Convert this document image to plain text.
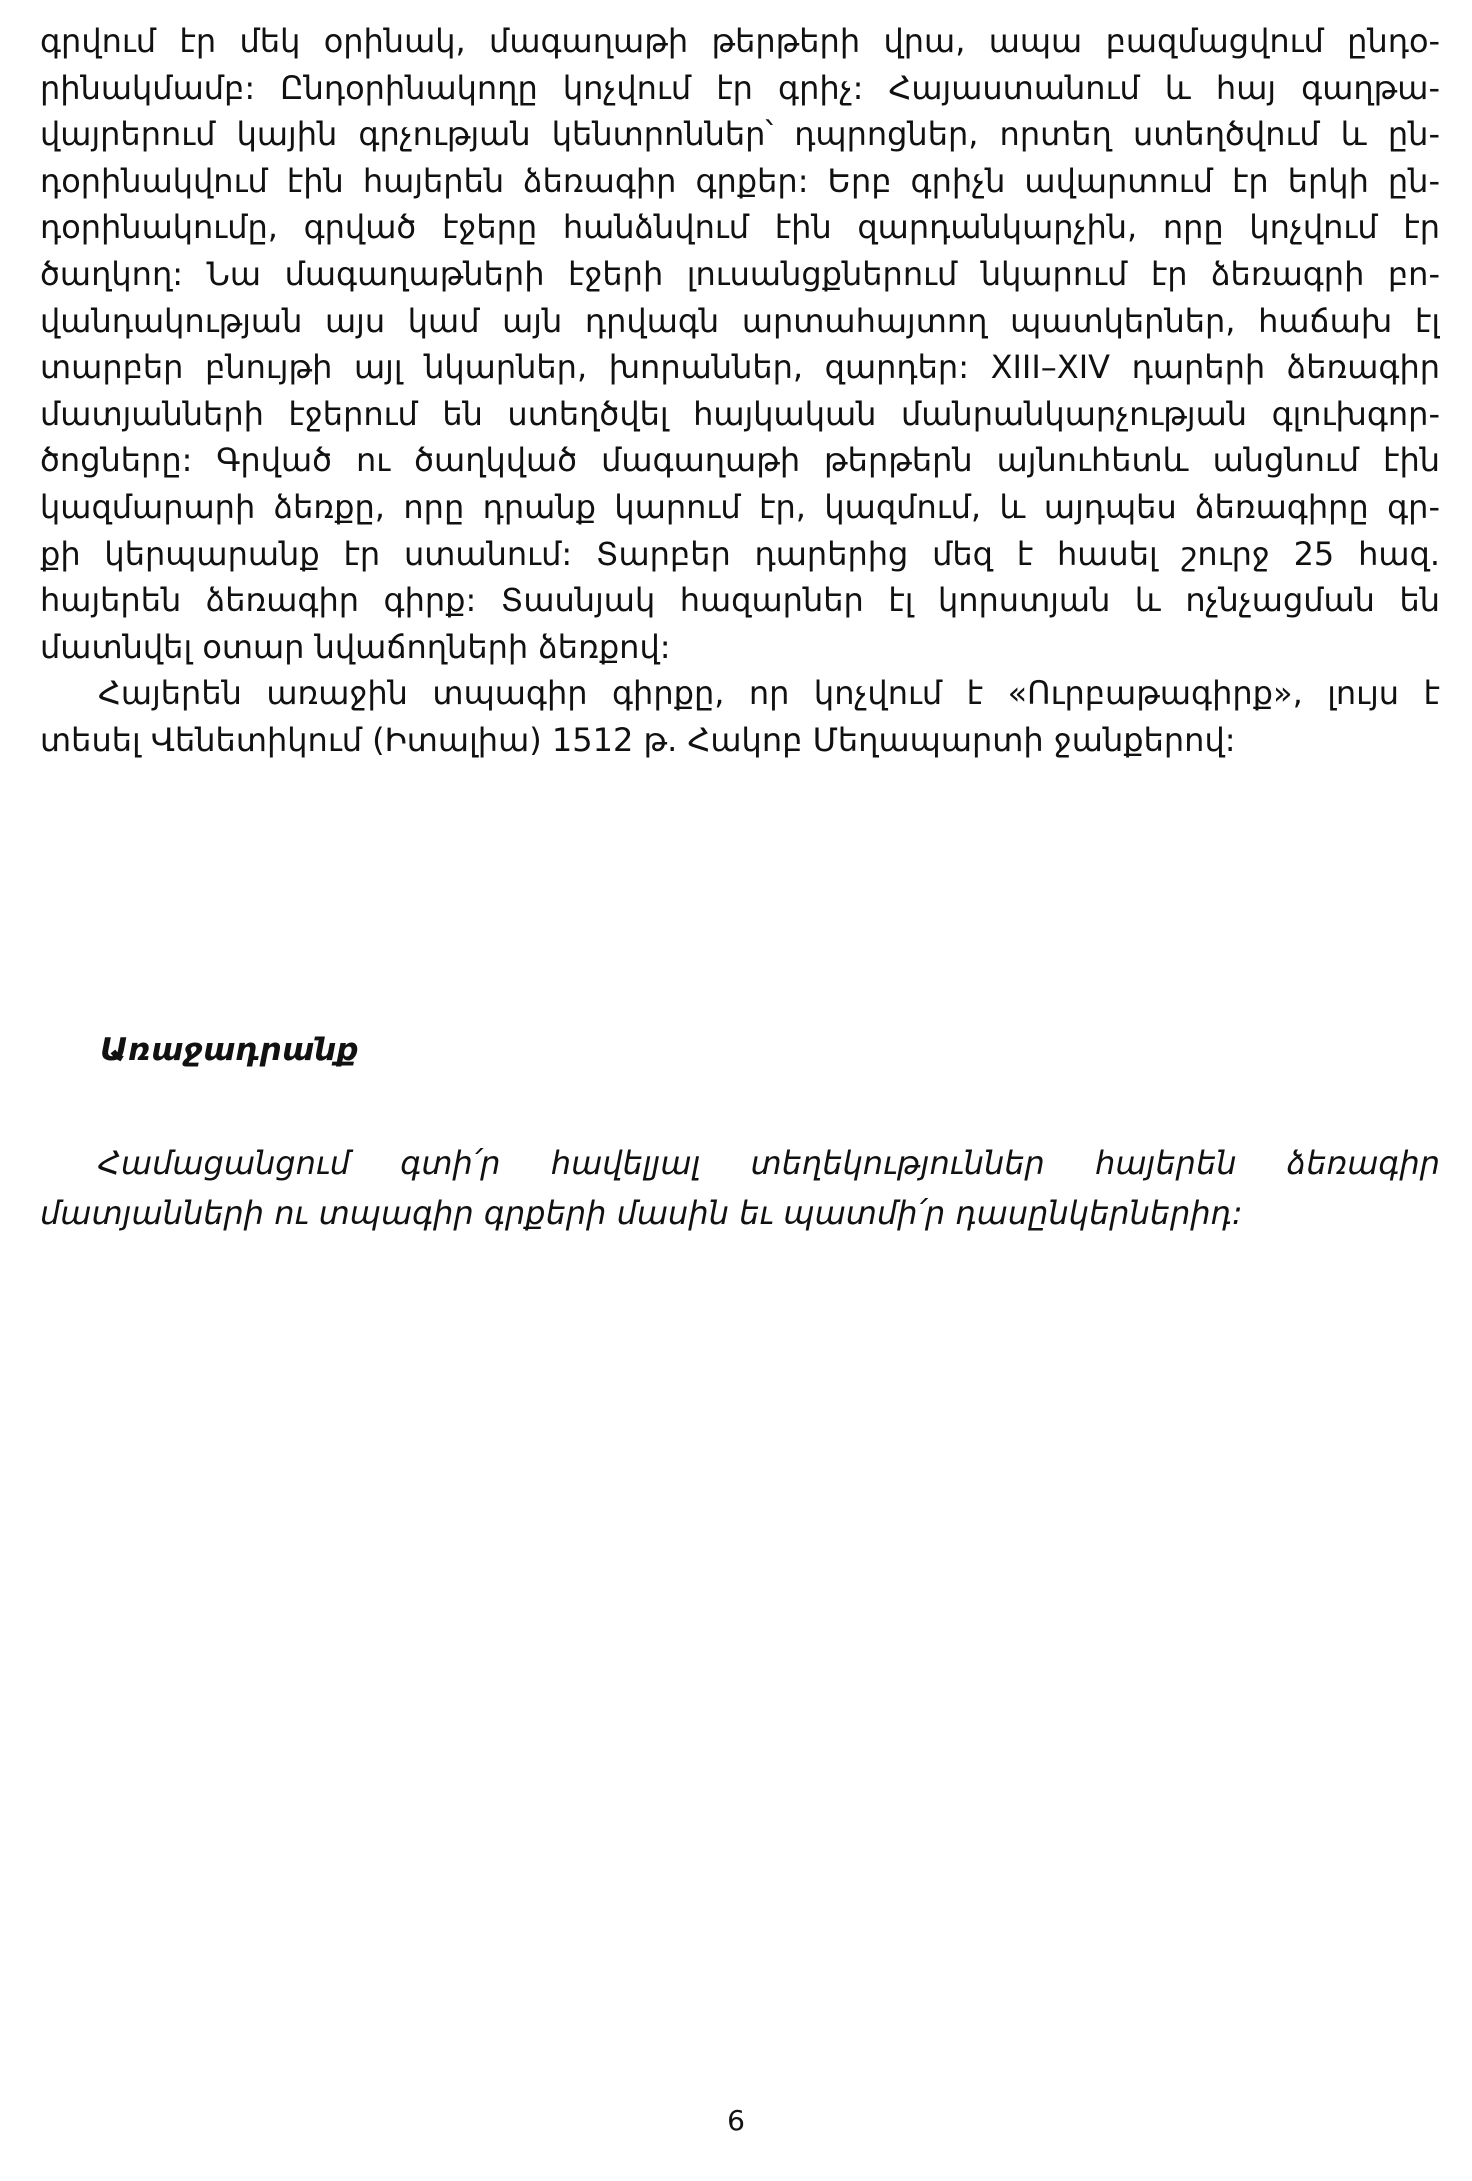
գրվում էր մեկ օրինակ, մագաղաթի թերթերի վրա, ապա բազմացվում ընդօ-
րինակմամբ: Ընդօրինակողը կոչվում էր գրիչ: Հայաստանում և հայ գաղթա-
վայրերում կային գրչության կենտրոններ՝ դպրոցներ, որտեղ ստեղծվում և ըն-
դօրինակվում էին հայերեն ձեռագիր գրքեր: Երբ գրիչն ավարտում էր երկի ըն-
դօրինակումը, գրված էջերը հանձնվում էին զարդանկարչին, որը կոչվում էր
ծաղկող: Նա մագաղաթների էջերի լուսանցքներում նկարում էր ձեռագրի բո-
վանդակության այս կամ այն դրվագն արտահայտող պատկերներ, հաճախ էլ
տարբեր բնույթի այլ նկարներ, խորաններ, զարդեր: XIII–XIV դարերի ձեռագիր
մատյանների էջերում են ստեղծվել հայկական մանրանկարչության գլուխգոր-
ծոցները: Գրված ու ծաղկված մագաղաթի թերթերն այնուհետև անցնում էին
կազմարարի ձեռքը, որը դրանք կարում էր, կազմում, և այդպես ձեռագիրը գր-
քի կերպարանք էր ստանում: Տարբեր դարերից մեզ է հասել շուրջ 25 հազ.
հայերեն ձեռագիր գիրք: Տասնյակ հազարներ էլ կորստյան և ոչնչացման են
մատնվել օտար նվաճողների ձեռքով:
Հայերեն առաջին տպագիր գիրքը, որ կոչվում է «Ուրբաթագիրք», լույս է
տեսել Վենետիկում (Իտալիա) 1512 թ. Հակոբ Մեղապարտի ջանքերով:
Առաջադրանք
Համացանցում գտի՛ր հավելյալ տեղեկություններ հայերեն ձեռագիր
մատյանների ու տպագիր գրքերի մասին եւ պատմի՛ր դասընկերներիդ:
6
